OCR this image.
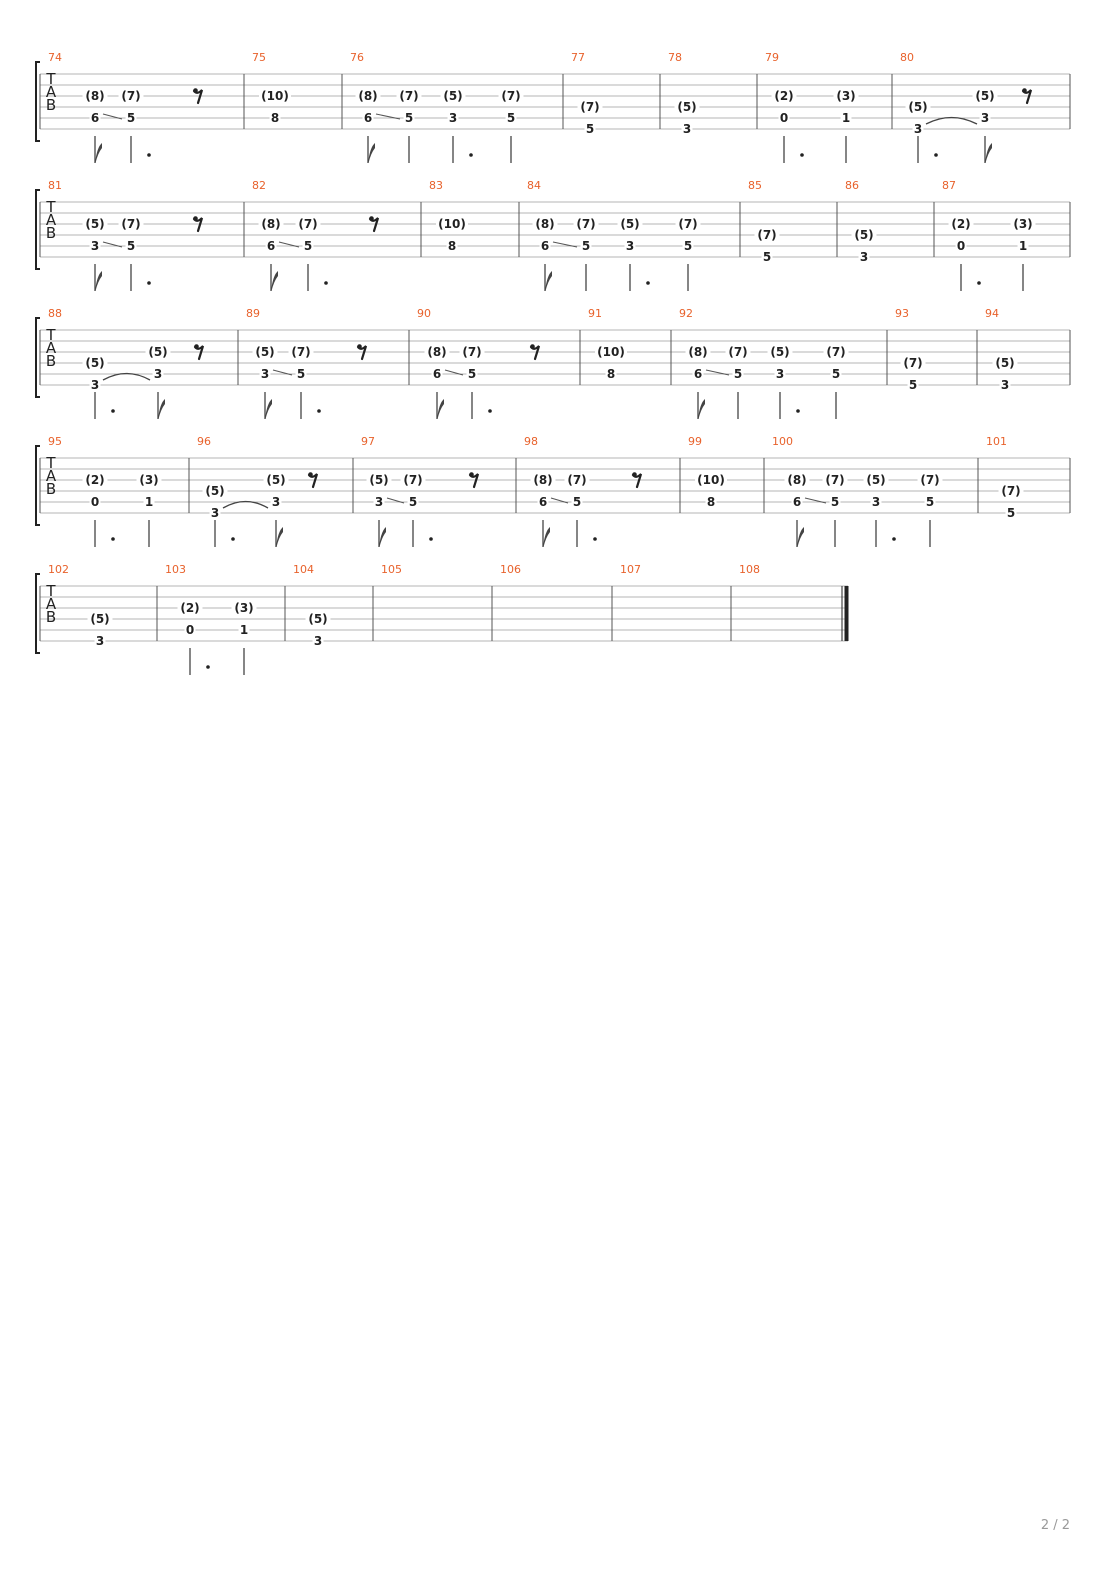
T
A
B
74
(8)
6
(7)
5
75
(10)
8
76
(8)
6
(7)
5
(5)
3
(7)
5
77
(7)
5
78
(5)
3
79
(2)
0
(3)
1
80
(5)
3
(5)
3
T
A
B
81
(5)
3
(7)
5
82
(8)
6
(7)
5
83
(10)
8
84
(8)
6
(7)
5
(5)
3
(7)
5
85
(7)
5
86
(5)
3
87
(2)
0
(3)
1
T
A
B
88
(5)
3
(5)
3
89
(5)
3
(7)
5
90
(8)
6
(7)
5
91
(10)
8
92
(8)
6
(7)
5
(5)
3
(7)
5
93
(7)
5
94
(5)
3
T
A
B
95
(2)
0
(3)
1
96
(5)
3
(5)
3
97
(5)
3
(7)
5
98
(8)
6
(7)
5
99
(10)
8
100
(8)
6
(7)
5
(5)
3
(7)
5
101
(7)
5
T
A
B
102
(5)
3
103
(2)
0
(3)
1
104
(5)
3
105	106	107	108
2 / 2
